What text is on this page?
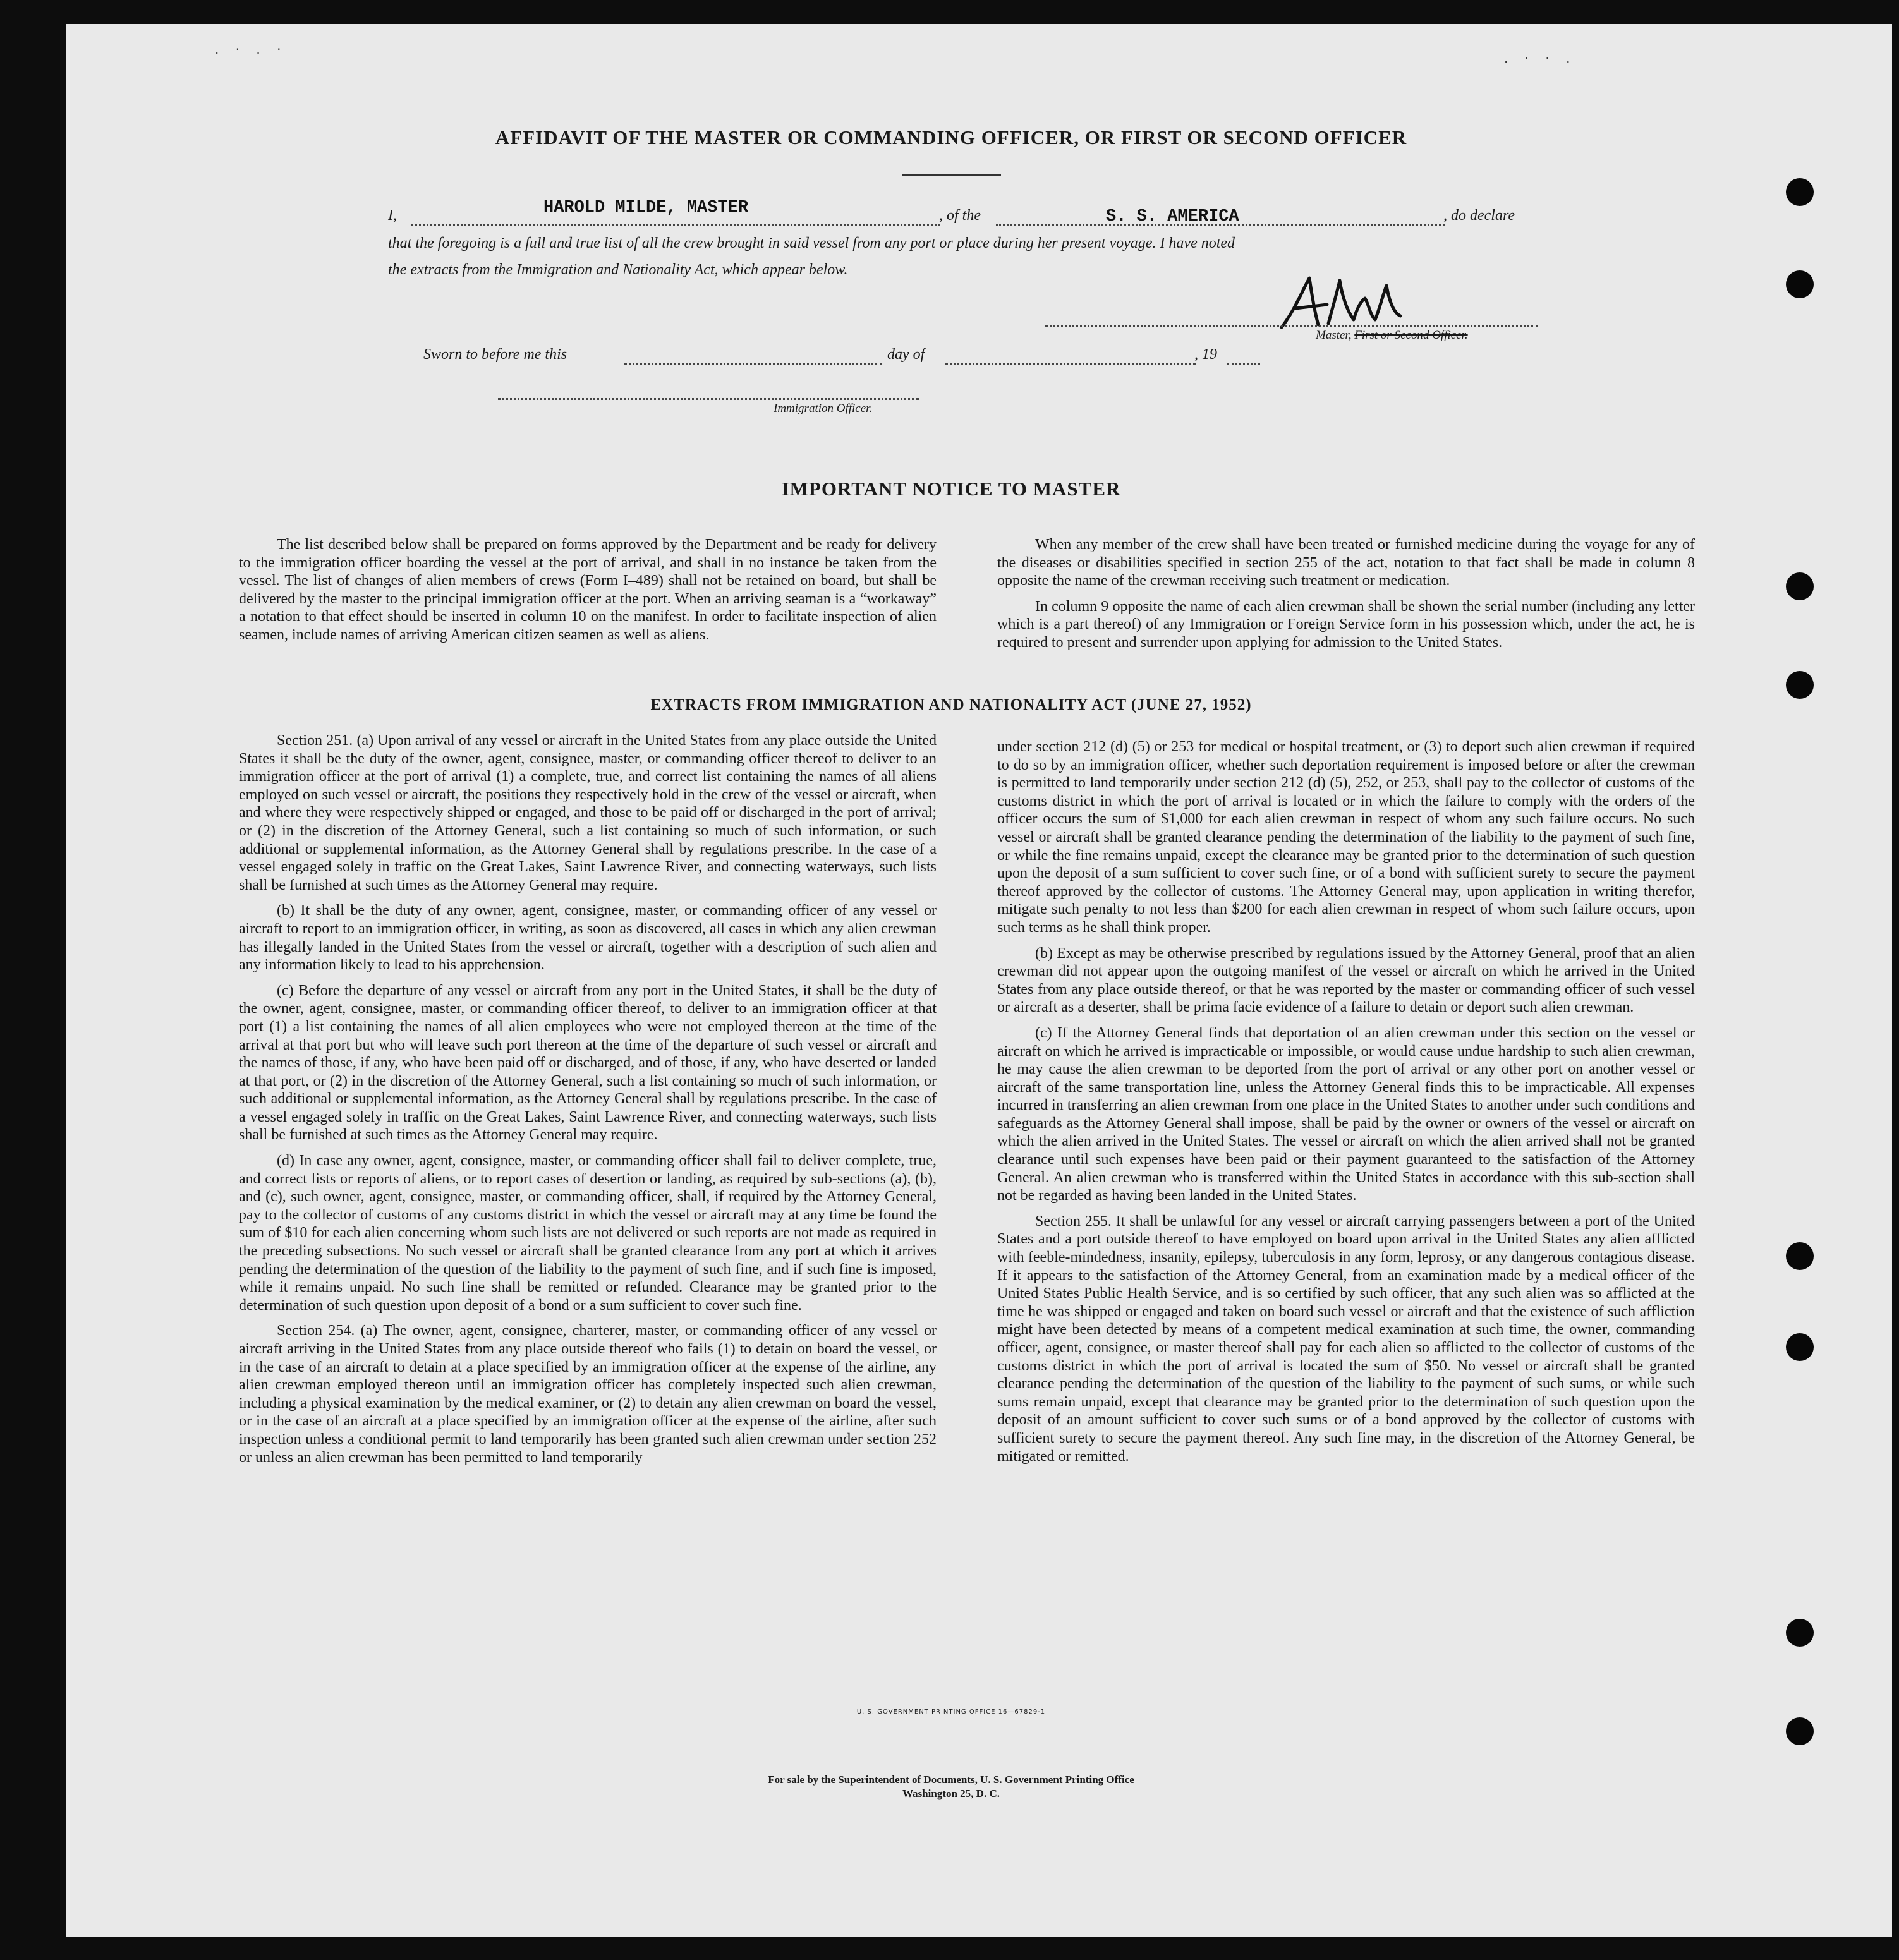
. · . ·
. · · .
AFFIDAVIT OF THE MASTER OR COMMANDING OFFICER, OR FIRST OR SECOND OFFICER
I,	HAROLD MILDE, MASTER	, of the	S. S. AMERICA	, do declare
that the foregoing is a full and true list of all the crew brought in said vessel from any port or place during her present voyage. I have noted
the extracts from the Immigration and Nationality Act, which appear below.
Master, First or Second Officer.
Sworn to before me this	day of	, 19
Immigration Officer.
IMPORTANT NOTICE TO MASTER

The list described below shall be prepared on forms approved by the Department and be ready for delivery to the immigration officer boarding the vessel at the port of arrival, and shall in no instance be taken from the vessel. The list of changes of alien members of crews (Form I–489) shall not be retained on board, but shall be delivered by the master to the principal immigration officer at the port. When an arriving seaman is a “workaway” a notation to that effect should be inserted in column 10 on the manifest. In order to facilitate inspection of alien seamen, include names of arriving American citizen seamen as well as aliens.

When any member of the crew shall have been treated or furnished medicine during the voyage for any of the diseases or disabilities specified in section 255 of the act, notation to that fact shall be made in column 8 opposite the name of the crewman receiving such treatment or medication.

In column 9 opposite the name of each alien crewman shall be shown the serial number (including any letter which is a part thereof) of any Immigration or Foreign Service form in his possession which, under the act, he is required to present and surrender upon applying for admission to the United States.

EXTRACTS FROM IMMIGRATION AND NATIONALITY ACT (JUNE 27, 1952)

Section 251. (a) Upon arrival of any vessel or aircraft in the United States from any place outside the United States it shall be the duty of the owner, agent, consignee, master, or commanding officer thereof to deliver to an immigration officer at the port of arrival (1) a complete, true, and correct list containing the names of all aliens employed on such vessel or aircraft, the positions they respectively hold in the crew of the vessel or aircraft, when and where they were respectively shipped or engaged, and those to be paid off or discharged in the port of arrival; or (2) in the discretion of the Attorney General, such a list containing so much of such information, or such additional or supplemental information, as the Attorney General shall by regulations prescribe. In the case of a vessel engaged solely in traffic on the Great Lakes, Saint Lawrence River, and connecting waterways, such lists shall be furnished at such times as the Attorney General may require.

(b) It shall be the duty of any owner, agent, consignee, master, or commanding officer of any vessel or aircraft to report to an immigration officer, in writing, as soon as discovered, all cases in which any alien crewman has illegally landed in the United States from the vessel or aircraft, together with a description of such alien and any information likely to lead to his apprehension.

(c) Before the departure of any vessel or aircraft from any port in the United States, it shall be the duty of the owner, agent, consignee, master, or commanding officer thereof, to deliver to an immigration officer at that port (1) a list containing the names of all alien employees who were not employed thereon at the time of the arrival at that port but who will leave such port thereon at the time of the departure of such vessel or aircraft and the names of those, if any, who have been paid off or discharged, and of those, if any, who have deserted or landed at that port, or (2) in the discretion of the Attorney General, such a list containing so much of such information, or such additional or supplemental information, as the Attorney General shall by regulations prescribe. In the case of a vessel engaged solely in traffic on the Great Lakes, Saint Lawrence River, and connecting waterways, such lists shall be furnished at such times as the Attorney General may require.

(d) In case any owner, agent, consignee, master, or commanding officer shall fail to deliver complete, true, and correct lists or reports of aliens, or to report cases of desertion or landing, as required by sub-sections (a), (b), and (c), such owner, agent, consignee, master, or commanding officer, shall, if required by the Attorney General, pay to the collector of customs of any customs district in which the vessel or aircraft may at any time be found the sum of $10 for each alien concerning whom such lists are not delivered or such reports are not made as required in the preceding subsections. No such vessel or aircraft shall be granted clearance from any port at which it arrives pending the determination of the question of the liability to the payment of such fine, and if such fine is imposed, while it remains unpaid. No such fine shall be remitted or refunded. Clearance may be granted prior to the determination of such question upon deposit of a bond or a sum sufficient to cover such fine.

Section 254. (a) The owner, agent, consignee, charterer, master, or commanding officer of any vessel or aircraft arriving in the United States from any place outside thereof who fails (1) to detain on board the vessel, or in the case of an aircraft to detain at a place specified by an immigration officer at the expense of the airline, any alien crewman employed thereon until an immigration officer has completely inspected such alien crewman, including a physical examination by the medical examiner, or (2) to detain any alien crewman on board the vessel, or in the case of an aircraft at a place specified by an immigration officer at the expense of the airline, after such inspection unless a conditional permit to land temporarily has been granted such alien crewman under section 252 or unless an alien crewman has been permitted to land temporarily

under section 212 (d) (5) or 253 for medical or hospital treatment, or (3) to deport such alien crewman if required to do so by an immigration officer, whether such deportation requirement is imposed before or after the crewman is permitted to land temporarily under section 212 (d) (5), 252, or 253, shall pay to the collector of customs of the customs district in which the port of arrival is located or in which the failure to comply with the orders of the officer occurs the sum of $1,000 for each alien crewman in respect of whom any such failure occurs. No such vessel or aircraft shall be granted clearance pending the determination of the liability to the payment of such fine, or while the fine remains unpaid, except the clearance may be granted prior to the determination of such question upon the deposit of a sum sufficient to cover such fine, or of a bond with sufficient surety to secure the payment thereof approved by the collector of customs. The Attorney General may, upon application in writing therefor, mitigate such penalty to not less than $200 for each alien crewman in respect of whom such failure occurs, upon such terms as he shall think proper.

(b) Except as may be otherwise prescribed by regulations issued by the Attorney General, proof that an alien crewman did not appear upon the outgoing manifest of the vessel or aircraft on which he arrived in the United States from any place outside thereof, or that he was reported by the master or commanding officer of such vessel or aircraft as a deserter, shall be prima facie evidence of a failure to detain or deport such alien crewman.

(c) If the Attorney General finds that deportation of an alien crewman under this section on the vessel or aircraft on which he arrived is impracticable or impossible, or would cause undue hardship to such alien crewman, he may cause the alien crewman to be deported from the port of arrival or any other port on another vessel or aircraft of the same transportation line, unless the Attorney General finds this to be impracticable. All expenses incurred in transferring an alien crewman from one place in the United States to another under such conditions and safeguards as the Attorney General shall impose, shall be paid by the owner or owners of the vessel or aircraft on which the alien arrived in the United States. The vessel or aircraft on which the alien arrived shall not be granted clearance until such expenses have been paid or their payment guaranteed to the satisfaction of the Attorney General. An alien crewman who is transferred within the United States in accordance with this sub-section shall not be regarded as having been landed in the United States.

Section 255. It shall be unlawful for any vessel or aircraft carrying passengers between a port of the United States and a port outside thereof to have employed on board upon arrival in the United States any alien afflicted with feeble-mindedness, insanity, epilepsy, tuberculosis in any form, leprosy, or any dangerous contagious disease. If it appears to the satisfaction of the Attorney General, from an examination made by a medical officer of the United States Public Health Service, and is so certified by such officer, that any such alien was so afflicted at the time he was shipped or engaged and taken on board such vessel or aircraft and that the existence of such affliction might have been detected by means of a competent medical examination at such time, the owner, commanding officer, agent, consignee, or master thereof shall pay for each alien so afflicted to the collector of customs of the customs district in which the port of arrival is located the sum of $50. No vessel or aircraft shall be granted clearance pending the determination of the question of the liability to the payment of such sums, or while such sums remain unpaid, except that clearance may be granted prior to the determination of such question upon the deposit of an amount sufficient to cover such sums or of a bond approved by the collector of customs with sufficient surety to secure the payment thereof. Any such fine may, in the discretion of the Attorney General, be mitigated or remitted.

U. S. GOVERNMENT PRINTING OFFICE 16—67829-1
For sale by the Superintendent of Documents, U. S. Government Printing Office
Washington 25, D. C.
